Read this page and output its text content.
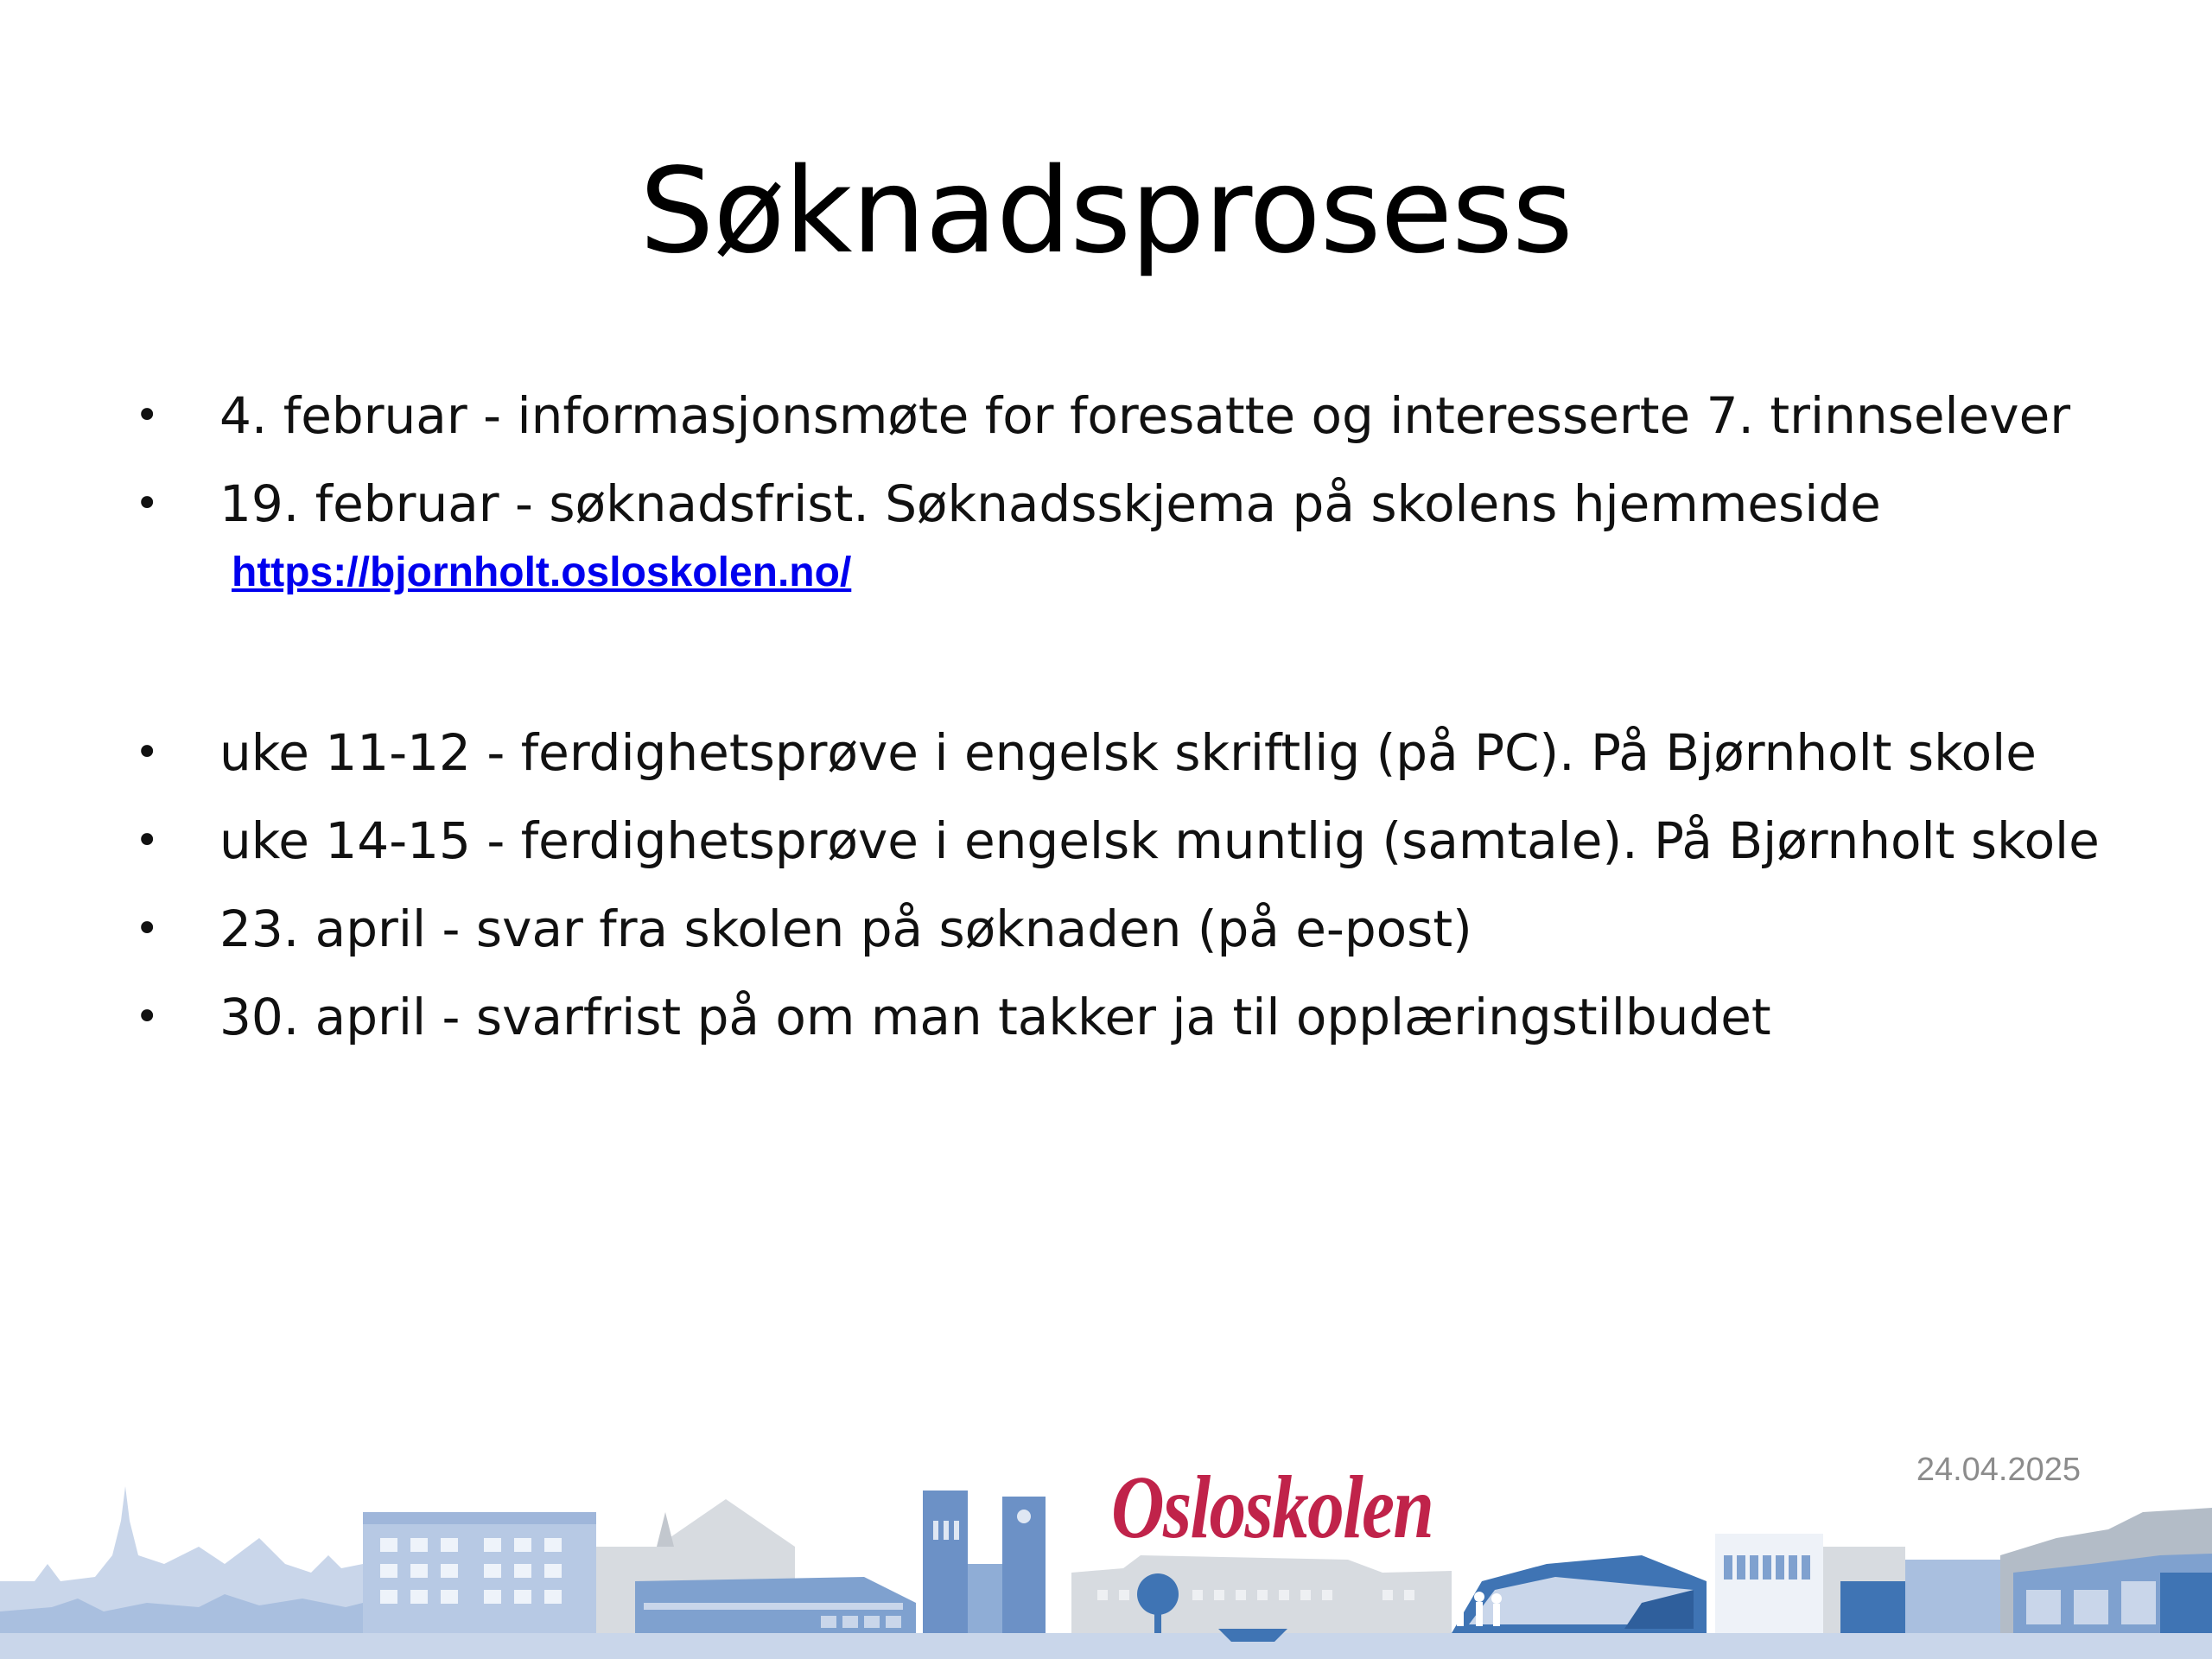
Søknadsprosess
• 4. februar - informasjonsmøte for foresatte og interesserte 7. trinnselever
• 19. februar - søknadsfrist. Søknadsskjema på skolens hjemmeside
https://bjornholt.osloskolen.no/
• uke 11-12 - ferdighetsprøve i engelsk skriftlig (på PC). På Bjørnholt skole
• uke 14-15 - ferdighetsprøve i engelsk muntlig (samtale). På Bjørnholt skole
• 23. april - svar fra skolen på søknaden (på e-post)
• 30. april - svarfrist på om man takker ja til opplæringstilbudet
24.04.2025
Osloskolen
